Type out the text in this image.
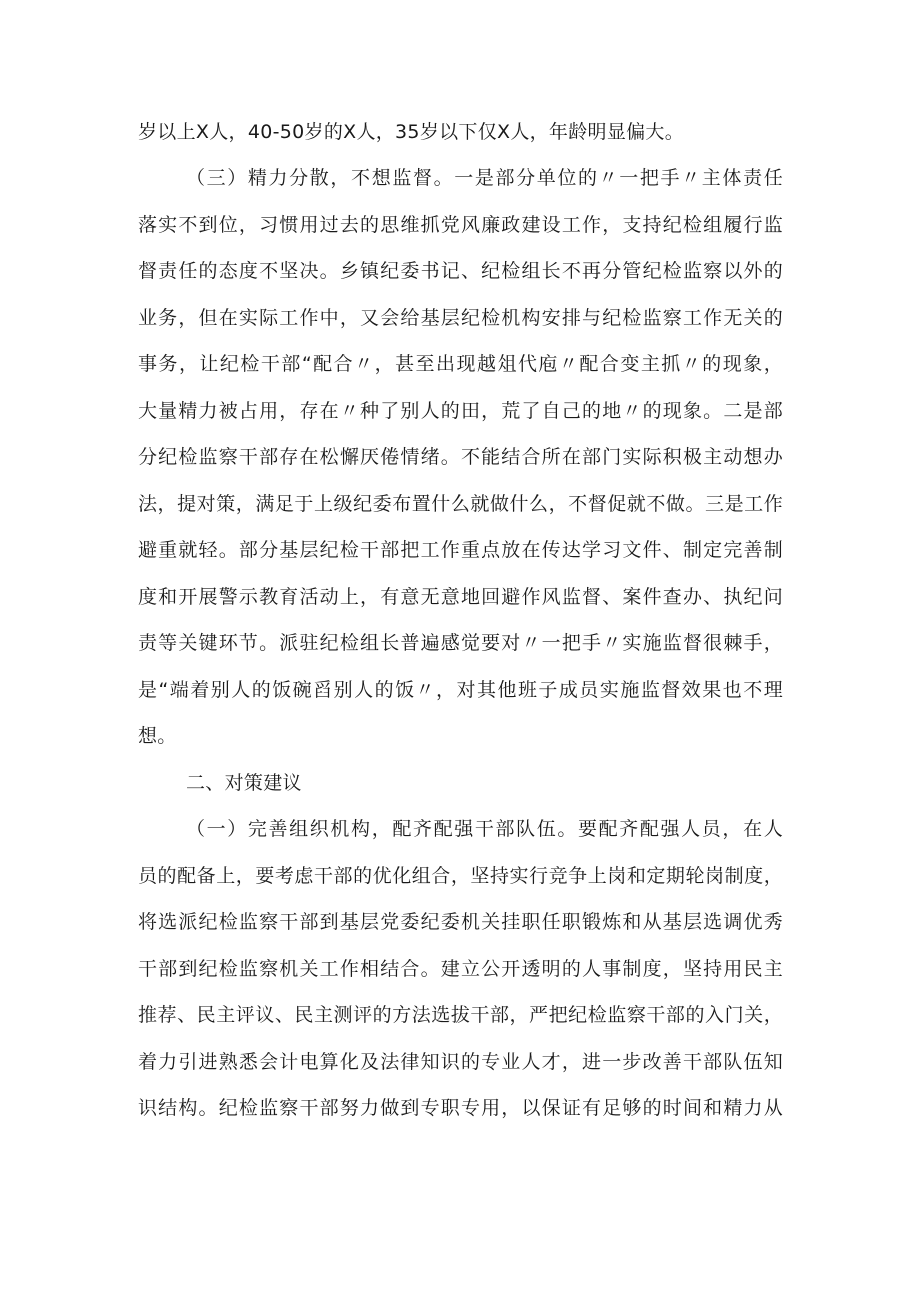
岁以上X人，40-50岁的X人，35岁以下仅X人，年龄明显偏大。
（三）精力分散，不想监督。一是部分单位的〃一把手〃主体责任
落实不到位，习惯用过去的思维抓党风廉政建设工作，支持纪检组履行监
督责任的态度不坚决。乡镇纪委书记、纪检组长不再分管纪检监察以外的
业务，但在实际工作中，又会给基层纪检机构安排与纪检监察工作无关的
事务，让纪检干部“配合〃，甚至出现越俎代庖〃配合变主抓〃的现象，
大量精力被占用，存在〃种了别人的田，荒了自己的地〃的现象。二是部
分纪检监察干部存在松懈厌倦情绪。不能结合所在部门实际积极主动想办
法，提对策，满足于上级纪委布置什么就做什么，不督促就不做。三是工作
避重就轻。部分基层纪检干部把工作重点放在传达学习文件、制定完善制
度和开展警示教育活动上，有意无意地回避作风监督、案件查办、执纪问
责等关键环节。派驻纪检组长普遍感觉要对〃一把手〃实施监督很棘手，
是“端着别人的饭碗舀别人的饭〃，对其他班子成员实施监督效果也不理
想。
二、对策建议
（一）完善组织机构，配齐配强干部队伍。要配齐配强人员，在人
员的配备上，要考虑干部的优化组合，坚持实行竞争上岗和定期轮岗制度，
将选派纪检监察干部到基层党委纪委机关挂职任职锻炼和从基层选调优秀
干部到纪检监察机关工作相结合。建立公开透明的人事制度，坚持用民主
推荐、民主评议、民主测评的方法选拔干部，严把纪检监察干部的入门关，
着力引进熟悉会计电算化及法律知识的专业人才，进一步改善干部队伍知
识结构。纪检监察干部努力做到专职专用，以保证有足够的时间和精力从
